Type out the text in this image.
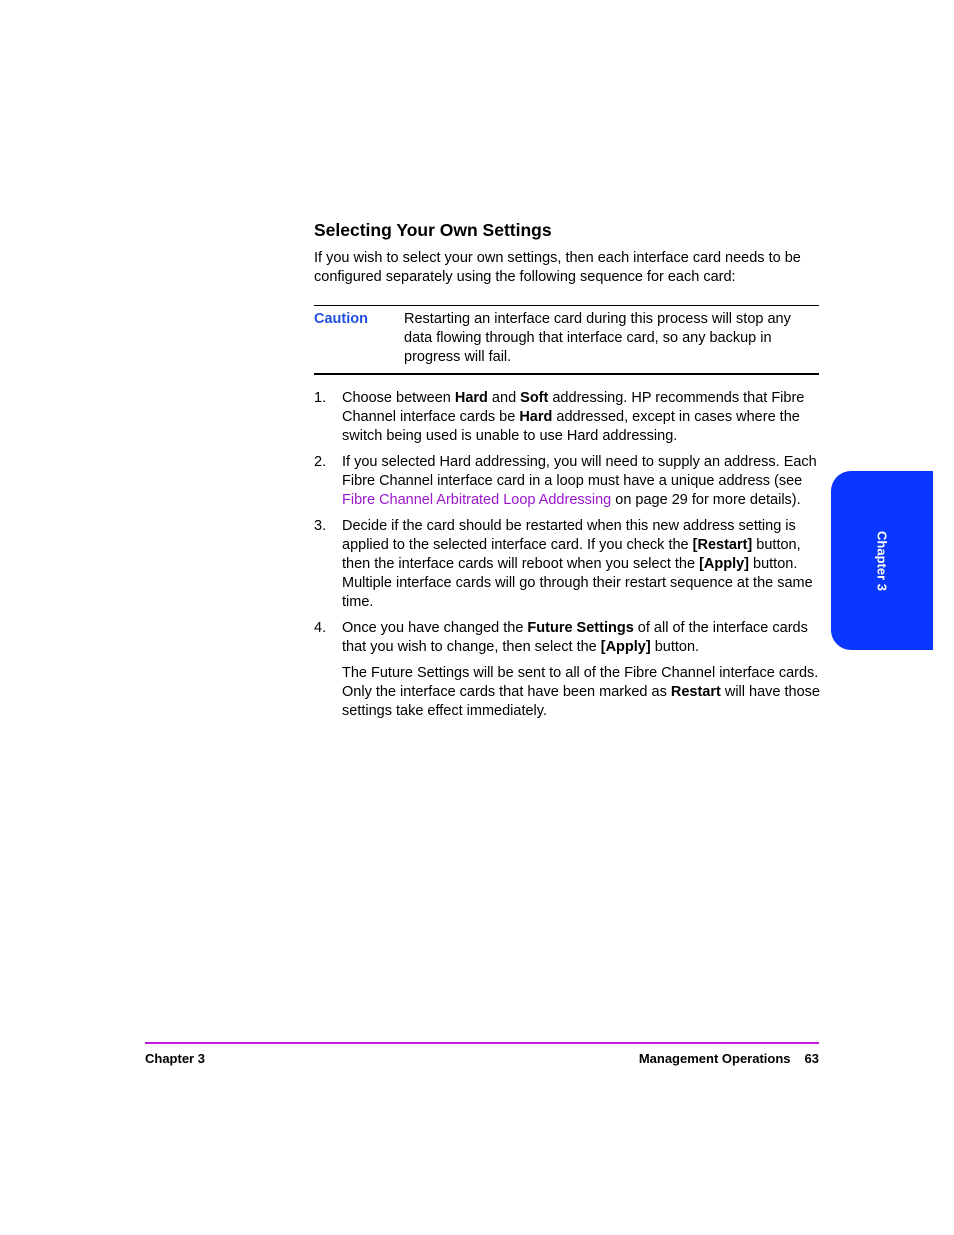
Selecting Your Own Settings
If you wish to select your own settings, then each interface card needs to be configured separately using the following sequence for each card:
Caution Restarting an interface card during this process will stop any data flowing through that interface card, so any backup in progress will fail.
1. Choose between Hard and Soft addressing. HP recommends that Fibre Channel interface cards be Hard addressed, except in cases where the switch being used is unable to use Hard addressing.
2. If you selected Hard addressing, you will need to supply an address. Each Fibre Channel interface card in a loop must have a unique address (see Fibre Channel Arbitrated Loop Addressing on page 29 for more details).
3. Decide if the card should be restarted when this new address setting is applied to the selected interface card. If you check the [Restart] button, then the interface cards will reboot when you select the [Apply] button. Multiple interface cards will go through their restart sequence at the same time.
4. Once you have changed the Future Settings of all of the interface cards that you wish to change, then select the [Apply] button.
The Future Settings will be sent to all of the Fibre Channel interface cards. Only the interface cards that have been marked as Restart will have those settings take effect immediately.
Chapter 3
Chapter 3	Management Operations 63
